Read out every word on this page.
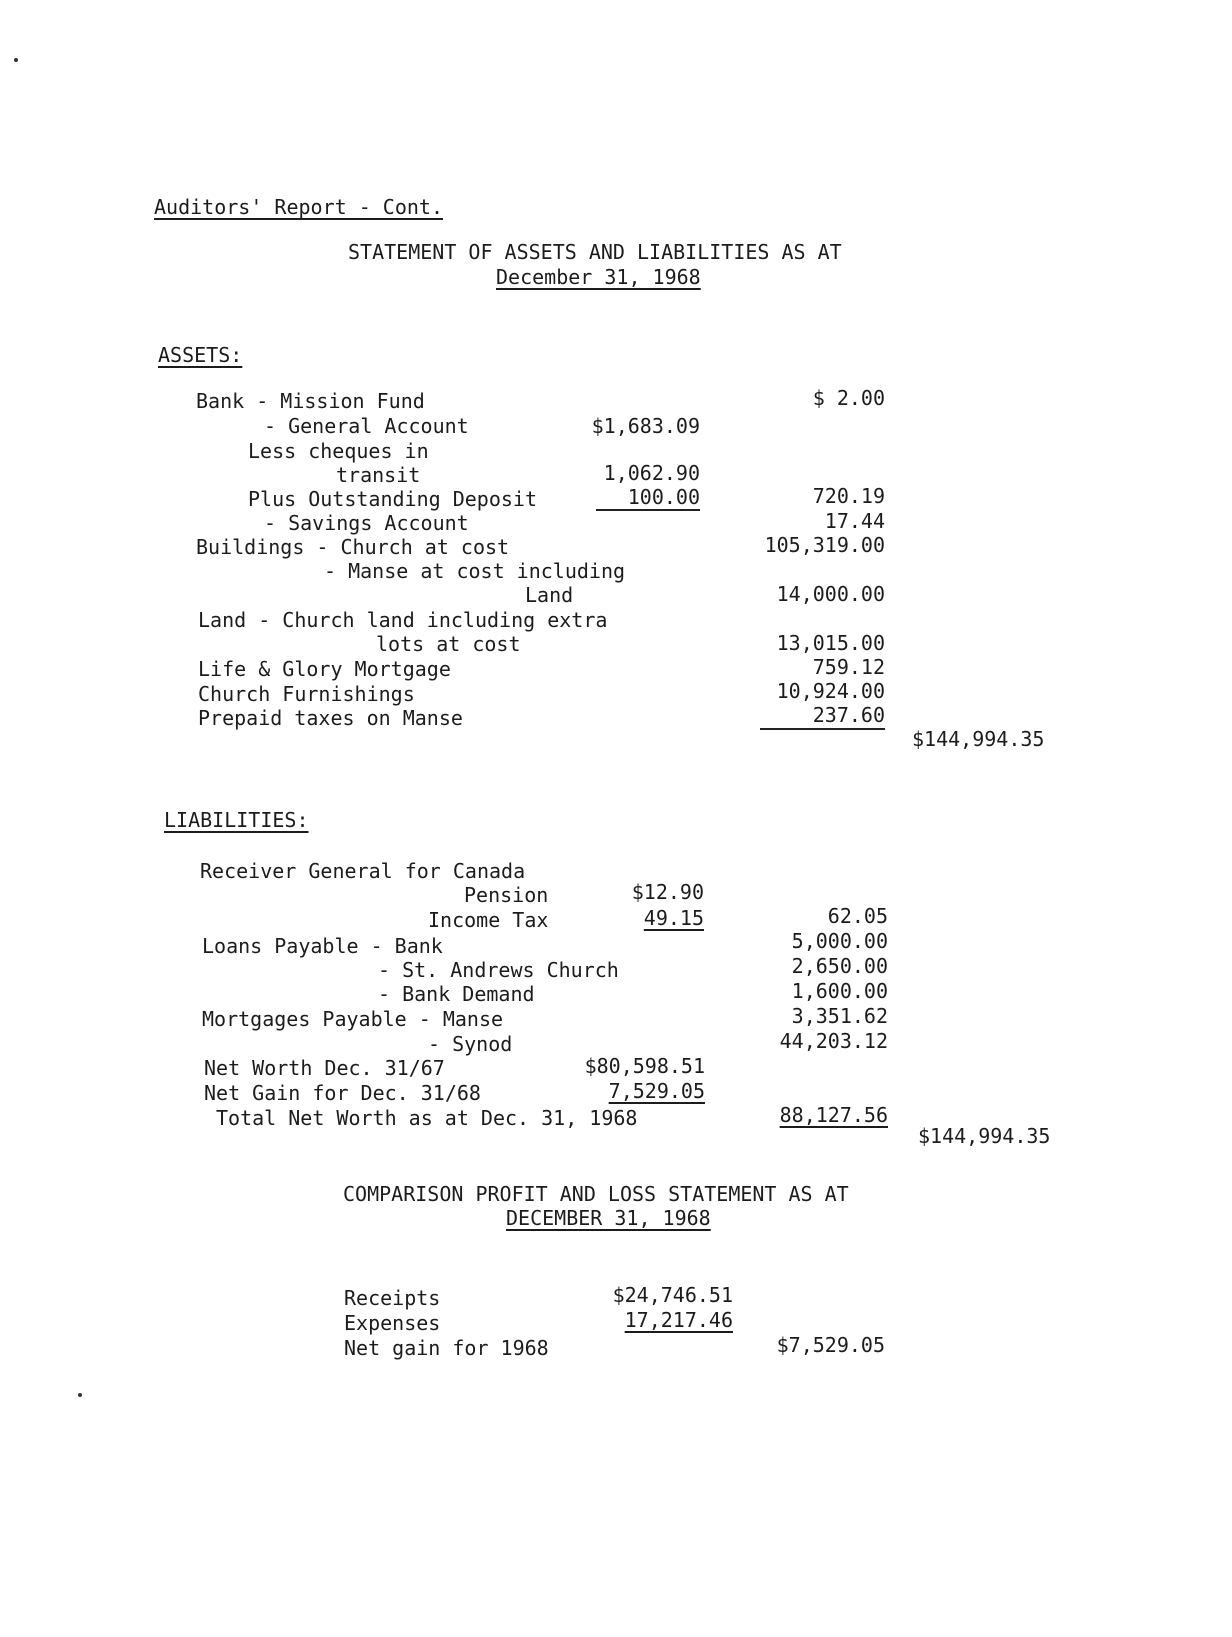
Auditors' Report - Cont.
STATEMENT OF ASSETS AND LIABILITIES AS AT
December 31, 1968
ASSETS:
Bank - Mission Fund	$ 2.00
- General Account	$1,683.09
Less cheques in
transit	1,062.90
Plus Outstanding Deposit	100.00	720.19
- Savings Account	17.44
Buildings - Church at cost	105,319.00
- Manse at cost including
Land	14,000.00
Land - Church land including extra
lots at cost	13,015.00
Life & Glory Mortgage	759.12
Church Furnishings	10,924.00
Prepaid taxes on Manse	237.60
$144,994.35
LIABILITIES:
Receiver General for Canada
Pension	$12.90
Income Tax	49.15	62.05
Loans Payable - Bank	5,000.00
- St. Andrews Church	2,650.00
- Bank Demand	1,600.00
Mortgages Payable - Manse	3,351.62
- Synod	44,203.12
Net Worth Dec. 31/67	$80,598.51
Net Gain for Dec. 31/68	7,529.05
Total Net Worth as at Dec. 31, 1968	88,127.56
$144,994.35
COMPARISON PROFIT AND LOSS STATEMENT AS AT
DECEMBER 31, 1968
Receipts	$24,746.51
Expenses	17,217.46
Net gain for 1968	$7,529.05
